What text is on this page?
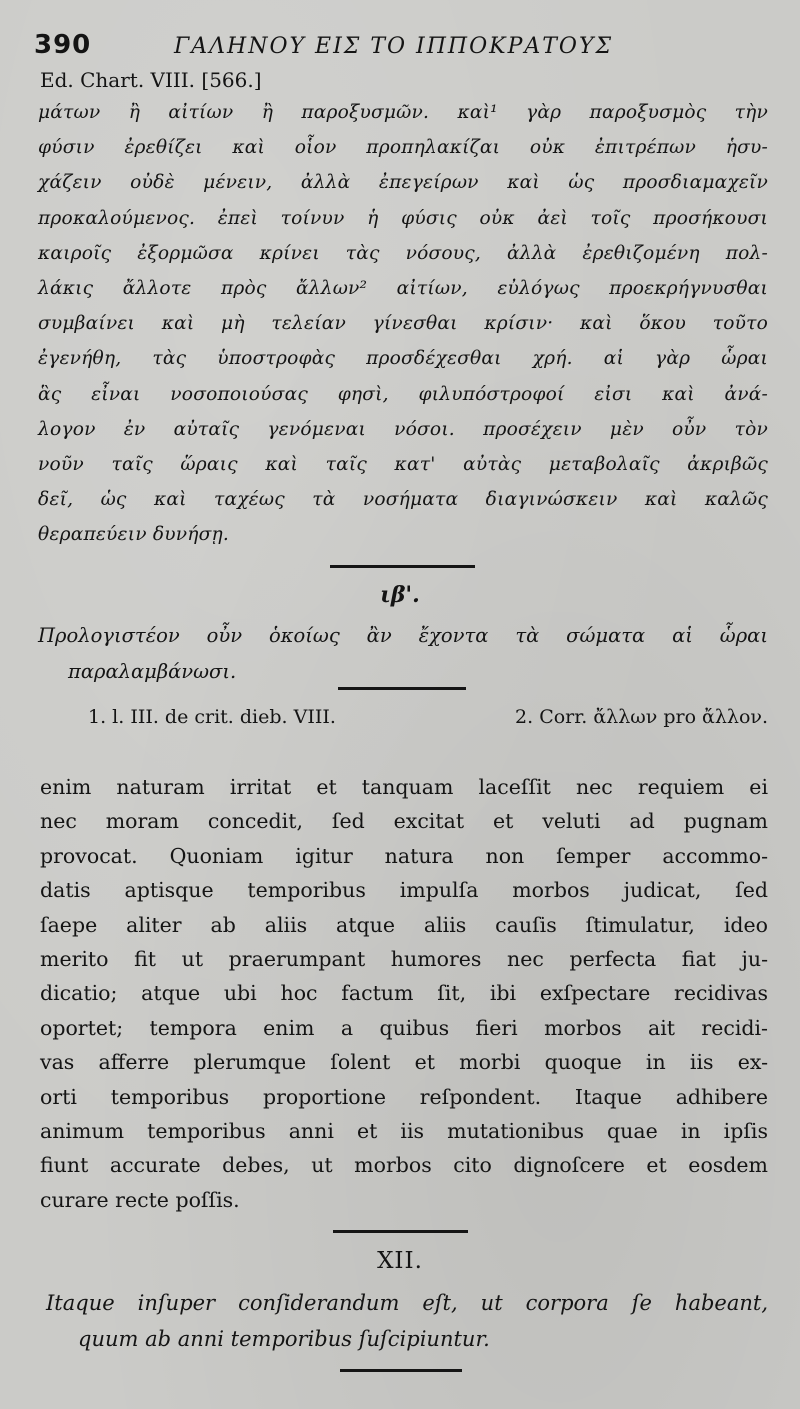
390	ΓΑΛΗΝΟΥ ΕΙΣ ΤΟ ΙΠΠΟΚΡΑΤΟΥΣ
Ed. Chart. VIII. [566.]
μάτων ἢ αἰτίων ἢ παροξυσμῶν. καὶ¹ γὰρ παροξυσμὸς τὴν
φύσιν ἐρεθίζει καὶ οἷον προπηλακίζαι οὐκ ἐπιτρέπων ἡσυ-
χάζειν οὐδὲ μένειν, ἀλλὰ ἐπεγείρων καὶ ὡς προσδιαμαχεῖν
προκαλούμενος. ἐπεὶ τοίνυν ἡ φύσις οὐκ ἀεὶ τοῖς προσήκουσι
καιροῖς ἐξορμῶσα κρίνει τὰς νόσους, ἀλλὰ ἐρεθιζομένη πολ-
λάκις ἄλλοτε πρὸς ἄλλων² αἰτίων, εὐλόγως προεκρήγνυσθαι
συμβαίνει καὶ μὴ τελείαν γίνεσθαι κρίσιν· καὶ ὅκου τοῦτο
ἐγενήθη, τὰς ὑποστροφὰς προσδέχεσθαι χρή. αἱ γὰρ ὧραι
ἃς εἶναι νοσοποιούσας φησὶ, φιλυπόστροφοί εἰσι καὶ ἀνά-
λογον ἐν αὐταῖς γενόμεναι νόσοι. προσέχειν μὲν οὖν τὸν
νοῦν ταῖς ὥραις καὶ ταῖς κατ' αὐτὰς μεταβολαῖς ἀκριβῶς
δεῖ, ὡς καὶ ταχέως τὰ νοσήματα διαγινώσκειν καὶ καλῶς
θεραπεύειν δυνήσῃ.
ιβ'.
Προλογιστέον οὖν ὁκοίως ἂν ἔχοντα τὰ σώματα αἱ ὧραι
παραλαμβάνωσι.
1. l. III. de crit. dieb. VIII.	2. Corr. ἄλλων pro ἄλλον.
enim naturam irritat et tanquam laceſſit nec requiem ei
nec moram concedit, ſed excitat et veluti ad pugnam
provocat. Quoniam igitur natura non ſemper accommo-
datis aptisque temporibus impulſa morbos judicat, ſed
ſaepe aliter ab aliis atque aliis cauſis ſtimulatur, ideo
merito fit ut praerumpant humores nec perfecta fiat ju-
dicatio; atque ubi hoc factum ſit, ibi exſpectare recidivas
oportet; tempora enim a quibus fieri morbos ait recidi-
vas afferre plerumque ſolent et morbi quoque in iis ex-
orti temporibus proportione reſpondent. Itaque adhibere
animum temporibus anni et iis mutationibus quae in ipſis
fiunt accurate debes, ut morbos cito dignoſcere et eosdem
curare recte poſſis.
XII.
Itaque inſuper conſiderandum eſt, ut corpora ſe habeant,
quum ab anni temporibus ſuſcipiuntur.
